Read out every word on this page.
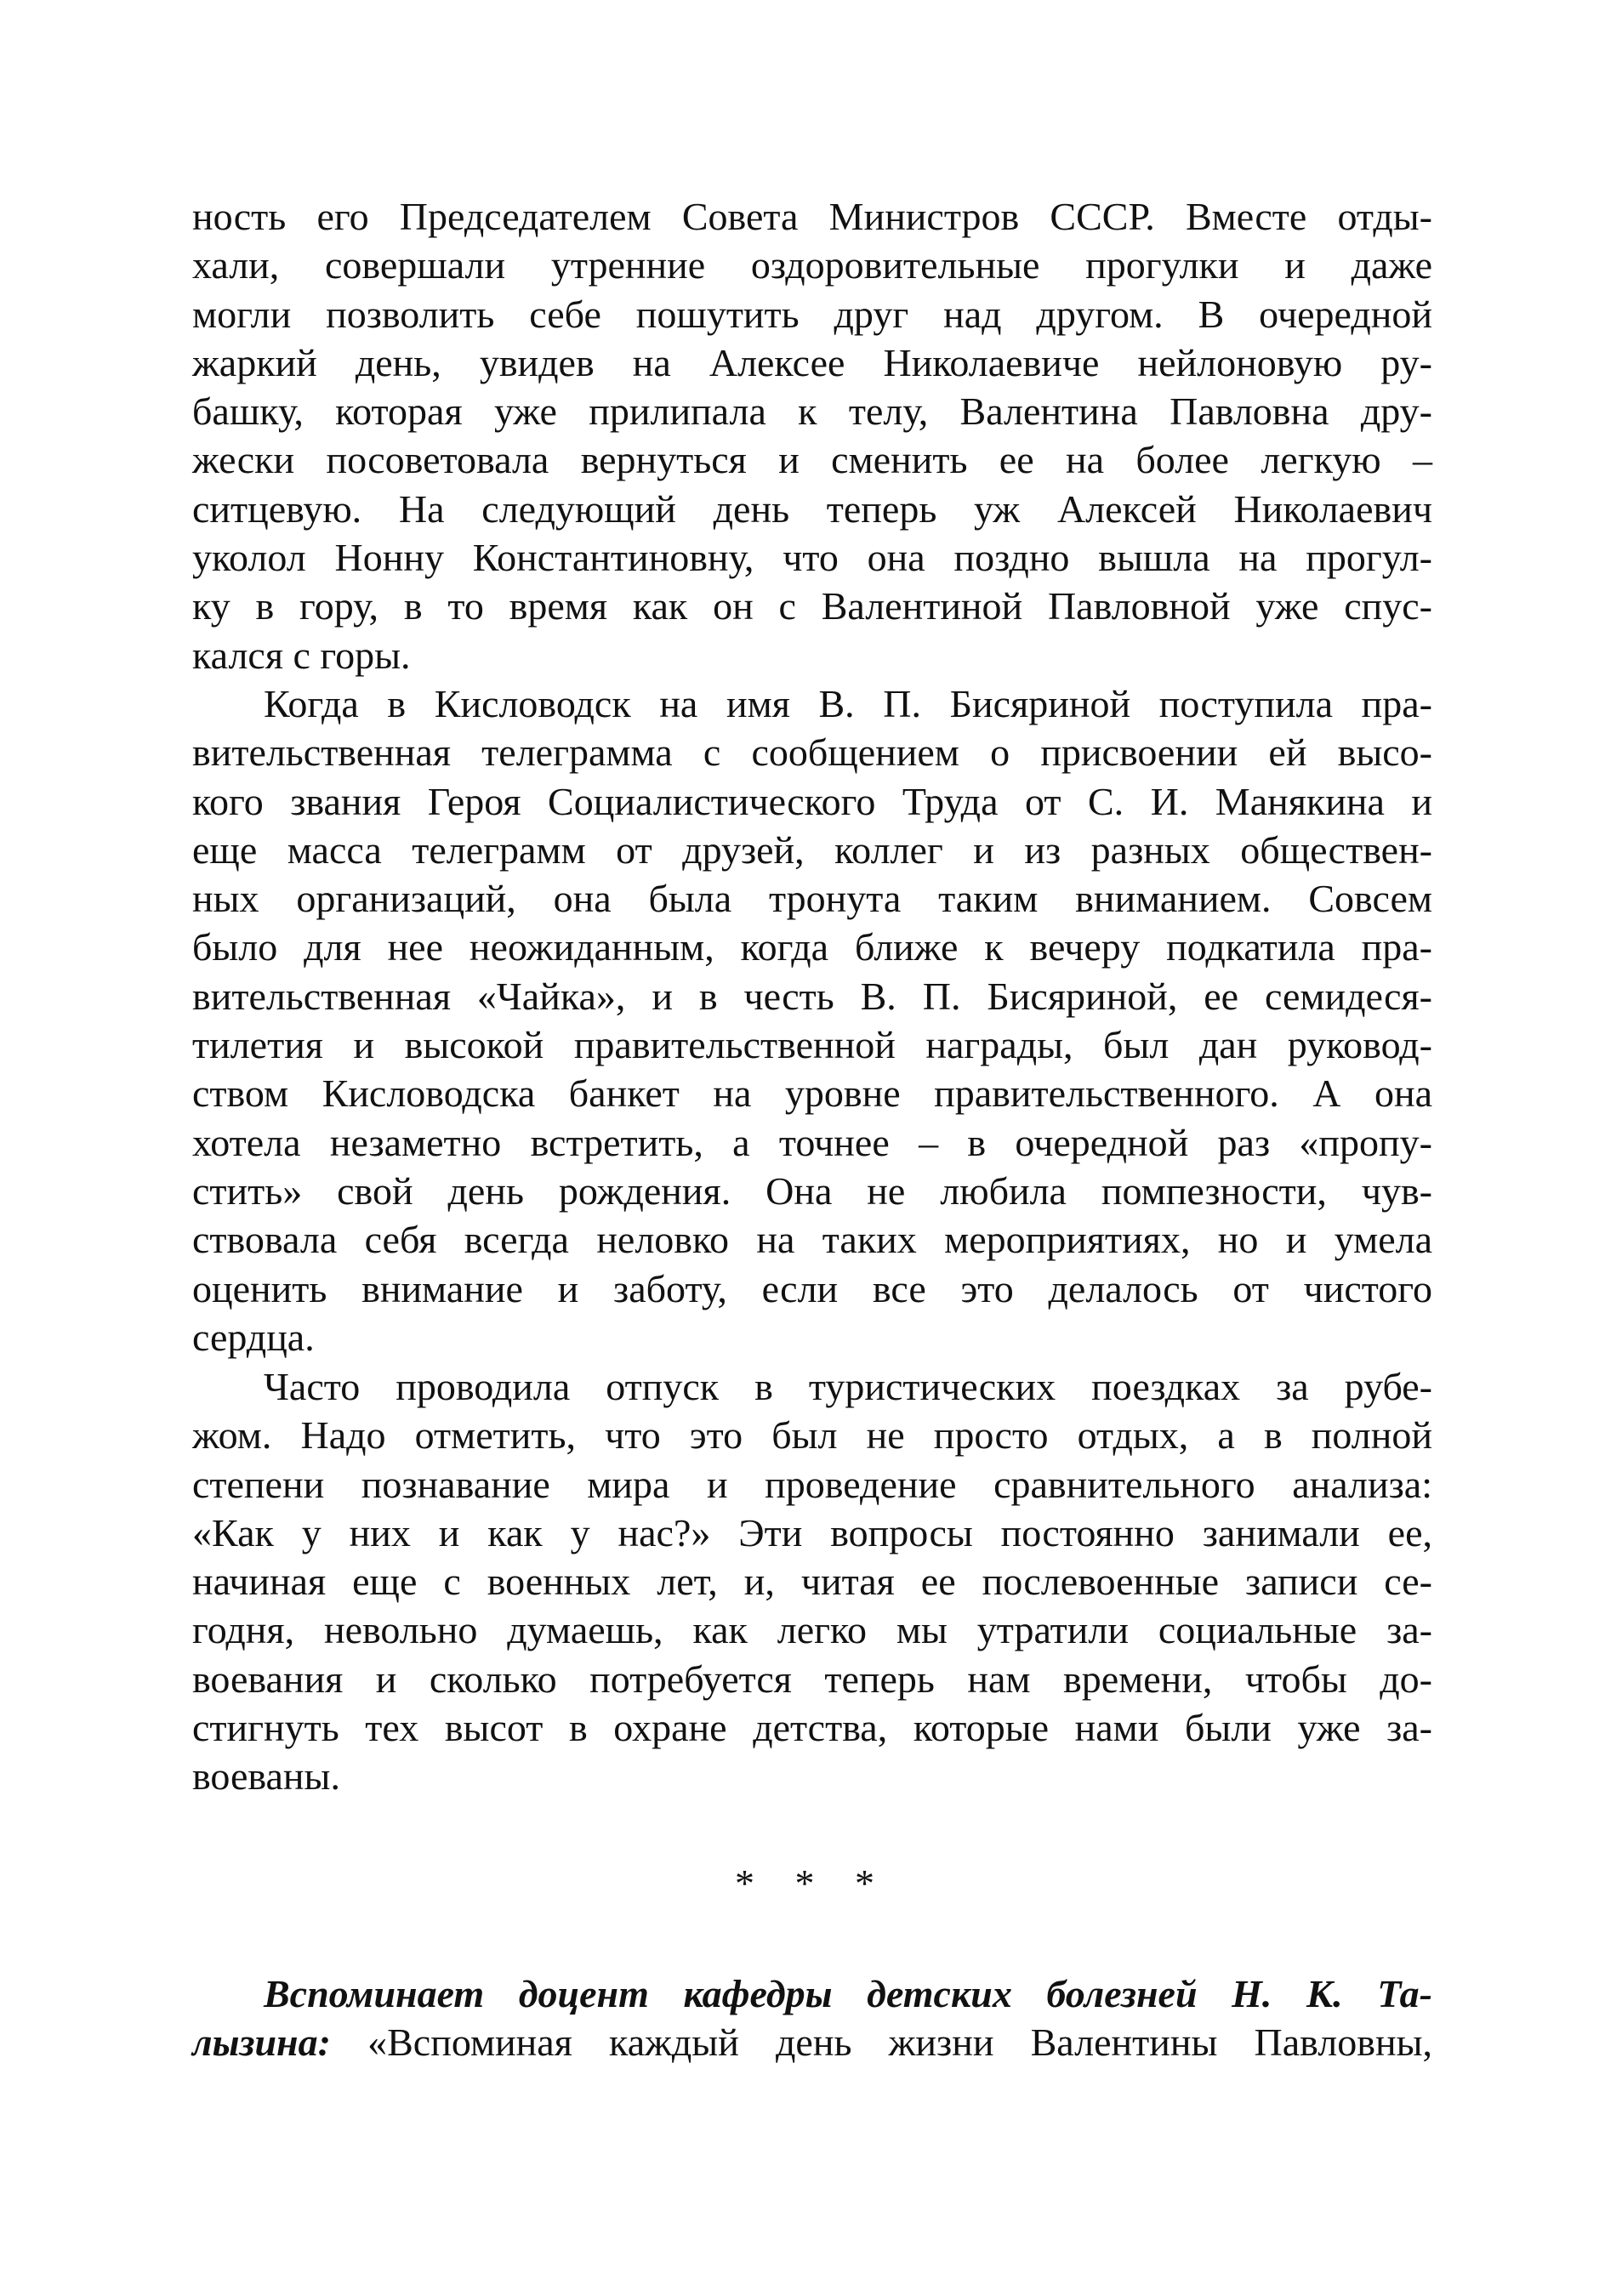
ность его Председателем Совета Министров СССР. Вместе отды-
хали, совершали утренние оздоровительные прогулки и даже
могли позволить себе пошутить друг над другом. В очередной
жаркий день, увидев на Алексее Николаевиче нейлоновую ру-
башку, которая уже прилипала к телу, Валентина Павловна дру-
жески посоветовала вернуться и сменить ее на более легкую –
ситцевую. На следующий день теперь уж Алексей Николаевич
уколол Нонну Константиновну, что она поздно вышла на прогул-
ку в гору, в то время как он с Валентиной Павловной уже спус-
кался с горы.
Когда в Кисловодск на имя В. П. Бисяриной поступила пра-
вительственная телеграмма с сообщением о присвоении ей высо-
кого звания Героя Социалистического Труда от С. И. Манякина и
еще масса телеграмм от друзей, коллег и из разных обществен-
ных организаций, она была тронута таким вниманием. Совсем
было для нее неожиданным, когда ближе к вечеру подкатила пра-
вительственная «Чайка», и в честь В. П. Бисяриной, ее семидеся-
тилетия и высокой правительственной награды, был дан руковод-
ством Кисловодска банкет на уровне правительственного. А она
хотела незаметно встретить, а точнее – в очередной раз «пропу-
стить» свой день рождения. Она не любила помпезности, чув-
ствовала себя всегда неловко на таких мероприятиях, но и умела
оценить внимание и заботу, если все это делалось от чистого
сердца.
Часто проводила отпуск в туристических поездках за рубе-
жом. Надо отметить, что это был не просто отдых, а в полной
степени познавание мира и проведение сравнительного анализа:
«Как у них и как у нас?» Эти вопросы постоянно занимали ее,
начиная еще с военных лет, и, читая ее послевоенные записи се-
годня, невольно думаешь, как легко мы утратили социальные за-
воевания и сколько потребуется теперь нам времени, чтобы до-
стигнуть тех высот в охране детства, которые нами были уже за-
воеваны.
* * *
Вспоминает доцент кафедры детских болезней Н. К. Та-
лызина: «Вспоминая каждый день жизни Валентины Павловны,
